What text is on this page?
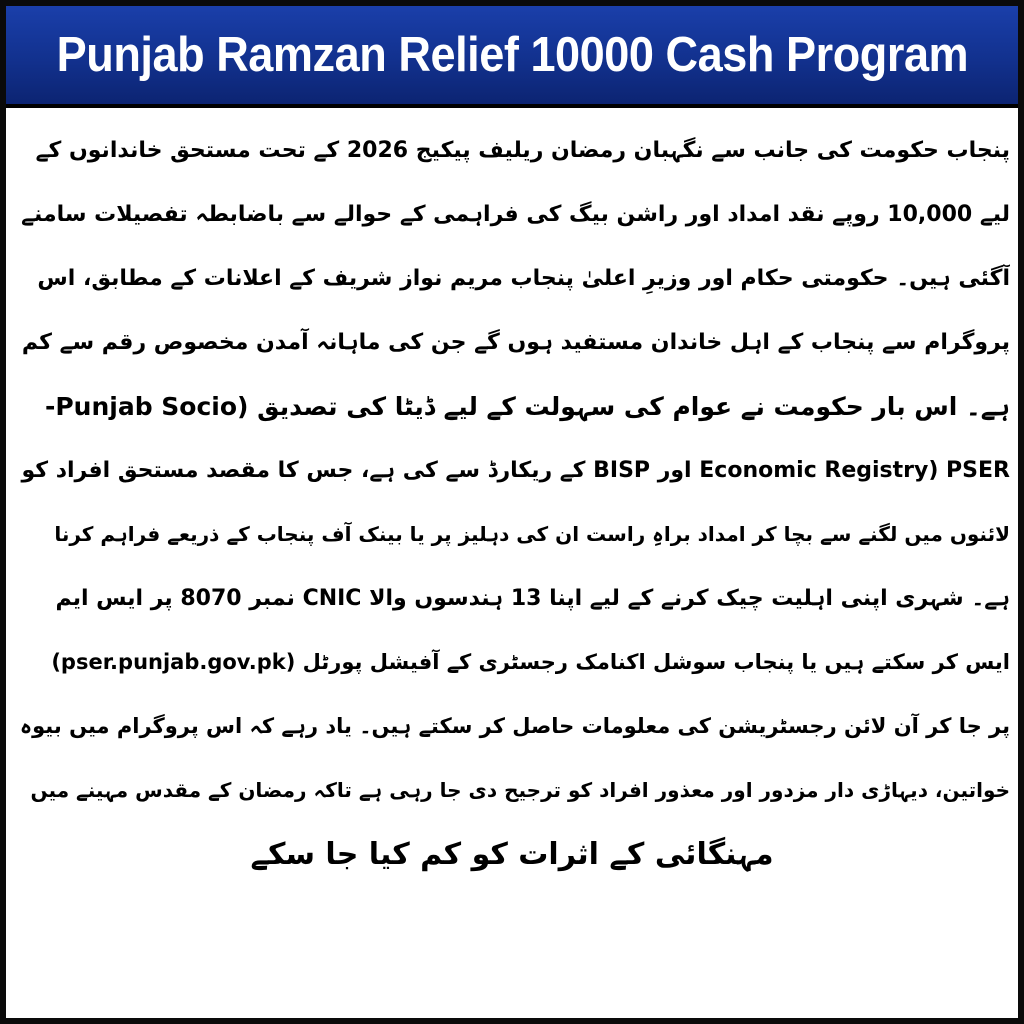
Punjab Ramzan Relief 10000 Cash Program
پنجاب حکومت کی جانب سے نگہبان رمضان ریلیف پیکیج 2026 کے تحت مستحق خاندانوں کے
لیے 10,000 روپے نقد امداد اور راشن بیگ کی فراہمی کے حوالے سے باضابطہ تفصیلات سامنے
آگئی ہیں۔ حکومتی حکام اور وزیرِ اعلیٰ پنجاب مریم نواز شریف کے اعلانات کے مطابق، اس
پروگرام سے پنجاب کے اہل خاندان مستفید ہوں گے جن کی ماہانہ آمدن مخصوص رقم سے کم
ہے۔ اس بار حکومت نے عوام کی سہولت کے لیے ڈیٹا کی تصدیق (Punjab Socio-
Economic Registry) PSER اور BISP کے ریکارڈ سے کی ہے، جس کا مقصد مستحق افراد کو
لائنوں میں لگنے سے بچا کر امداد براہِ راست ان کی دہلیز پر یا بینک آف پنجاب کے ذریعے فراہم کرنا
ہے۔ شہری اپنی اہلیت چیک کرنے کے لیے اپنا 13 ہندسوں والا CNIC نمبر 8070 پر ایس ایم
ایس کر سکتے ہیں یا پنجاب سوشل اکنامک رجسٹری کے آفیشل پورٹل (pser.punjab.gov.pk)
پر جا کر آن لائن رجسٹریشن کی معلومات حاصل کر سکتے ہیں۔ یاد رہے کہ اس پروگرام میں بیوہ
خواتین، دیہاڑی دار مزدور اور معذور افراد کو ترجیح دی جا رہی ہے تاکہ رمضان کے مقدس مہینے میں
مہنگائی کے اثرات کو کم کیا جا سکے
